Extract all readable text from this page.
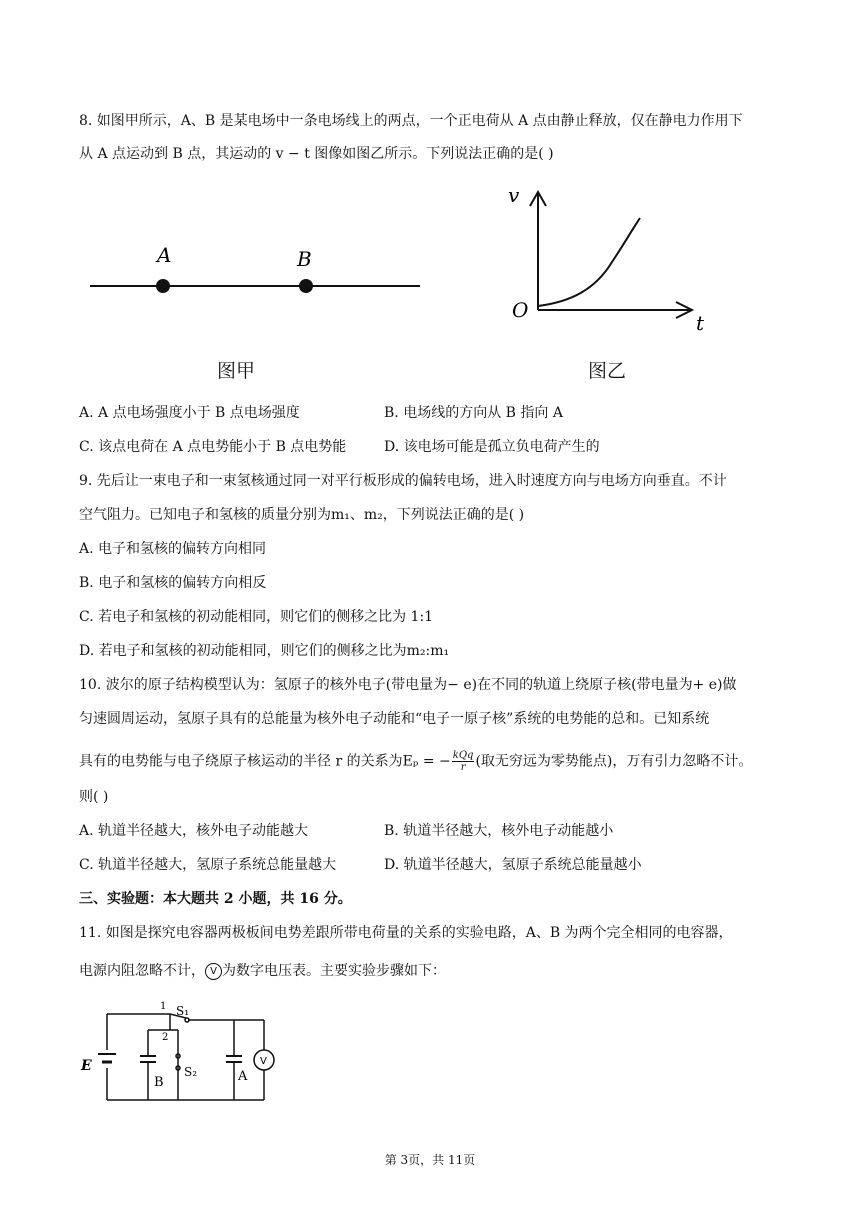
8. 如图甲所示，A、B 是某电场中一条电场线上的两点，一个正电荷从 A 点由静止释放，仅在静电力作用下
从 A 点运动到 B 点，其运动的 v − t 图像如图乙所示。下列说法正确的是( )
A	B
图甲
v
t
O
图乙
A. A 点电场强度小于 B 点电场强度	B. 电场线的方向从 B 指向 A
C. 该点电荷在 A 点电势能小于 B 点电势能	D. 该电场可能是孤立负电荷产生的
9. 先后让一束电子和一束氢核通过同一对平行板形成的偏转电场，进入时速度方向与电场方向垂直。不计
空气阻力。已知电子和氢核的质量分别为m₁、m₂，下列说法正确的是( )
A. 电子和氢核的偏转方向相同
B. 电子和氢核的偏转方向相反
C. 若电子和氢核的初动能相同，则它们的侧移之比为 1:1
D. 若电子和氢核的初动能相同，则它们的侧移之比为m₂:m₁
10. 波尔的原子结构模型认为：氢原子的核外电子(带电量为− e)在不同的轨道上绕原子核(带电量为+ e)做
匀速圆周运动，氢原子具有的总能量为核外电子动能和“电子一原子核”系统的电势能的总和。已知系统
具有的电势能与电子绕原子核运动的半径 r 的关系为Eₚ = − kQq
r (取无穷远为零势能点)，万有引力忽略不计。
则( )
A. 轨道半径越大，核外电子动能越大	B. 轨道半径越大，核外电子动能越小
C. 轨道半径越大，氢原子系统总能量越大	D. 轨道半径越大，氢原子系统总能量越小
三、实验题：本大题共 2 小题，共 16 分。
11. 如图是探究电容器两极板间电势差跟所带电荷量的关系的实验电路，A、B 为两个完全相同的电容器，
电源内阻忽略不计， V 为数字电压表。主要实验步骤如下：
E
1 S₁
2
B
S₂	A
V
第 3页，共 11页
